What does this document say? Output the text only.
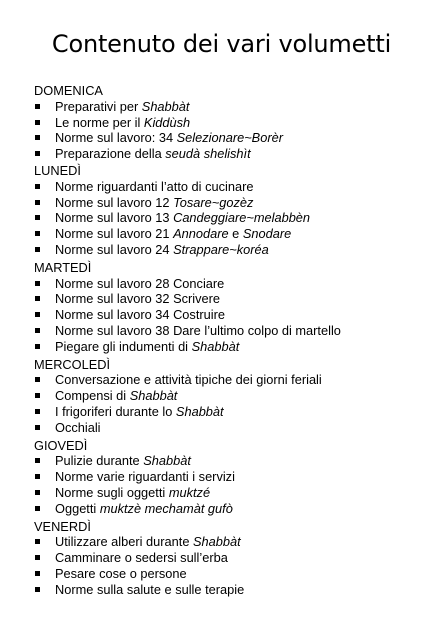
Contenuto dei vari volumetti
DOMENICA
Preparativi per Shabbàt
Le norme per il Kiddùsh
Norme sul lavoro: 34 Selezionare~Borèr
Preparazione della seudà shelishìt
LUNEDÌ
Norme riguardanti l’atto di cucinare
Norme sul lavoro 12 Tosare~gozèz
Norme sul lavoro 13 Candeggiare~melabbèn
Norme sul lavoro 21 Annodare e Snodare
Norme sul lavoro 24 Strappare~koréa
MARTEDÌ
Norme sul lavoro 28 Conciare
Norme sul lavoro 32 Scrivere
Norme sul lavoro 34 Costruire
Norme sul lavoro 38 Dare l’ultimo colpo di martello
Piegare gli indumenti di Shabbàt
MERCOLEDÌ
Conversazione e attività tipiche dei giorni feriali
Compensi di Shabbàt
I frigoriferi durante lo Shabbàt
Occhiali
GIOVEDÌ
Pulizie durante Shabbàt
Norme varie riguardanti i servizi
Norme sugli oggetti muktzé
Oggetti muktzè mechamàt gufò
VENERDÌ
Utilizzare alberi durante Shabbàt
Camminare o sedersi sull’erba
Pesare cose o persone
Norme sulla salute e sulle terapie
